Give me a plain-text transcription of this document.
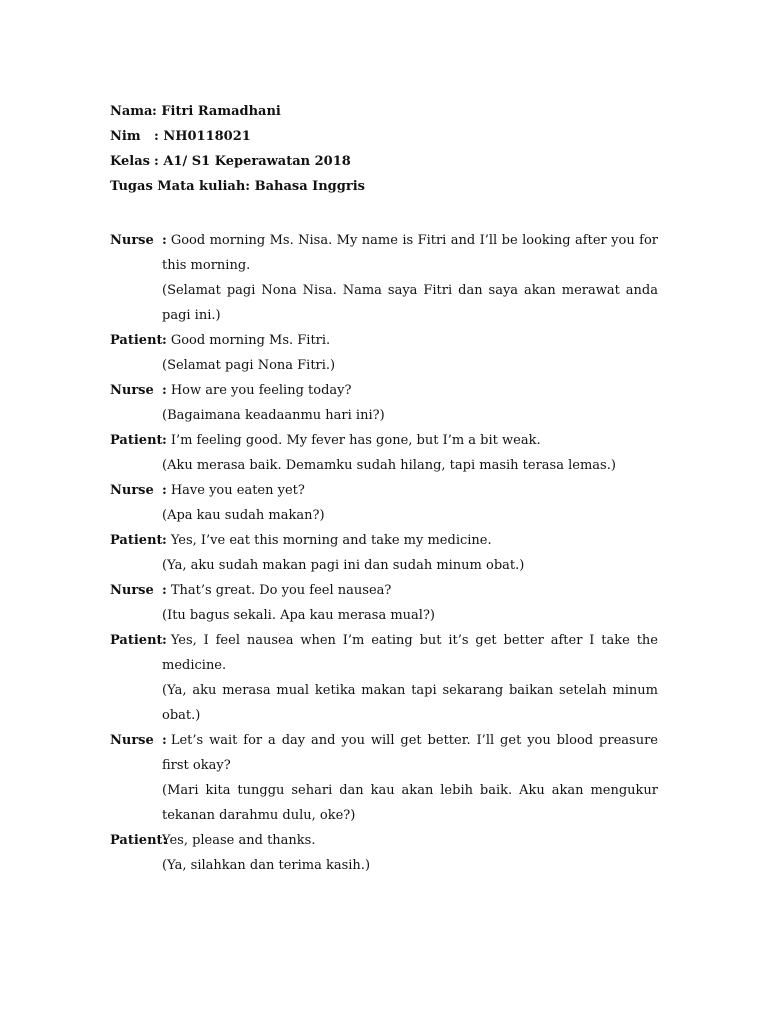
Nama: Fitri Ramadhani
Nim : NH0118021
Kelas : A1/ S1 Keperawatan 2018
Tugas Mata kuliah: Bahasa Inggris
Nurse : Good morning Ms. Nisa. My name is Fitri and I’ll be looking after you for this morning.
(Selamat pagi Nona Nisa. Nama saya Fitri dan saya akan merawat anda pagi ini.)
Patient : Good morning Ms. Fitri.
(Selamat pagi Nona Fitri.)
Nurse : How are you feeling today?
(Bagaimana keadaanmu hari ini?)
Patient : I’m feeling good. My fever has gone, but I’m a bit weak.
(Aku merasa baik. Demamku sudah hilang, tapi masih terasa lemas.)
Nurse : Have you eaten yet?
(Apa kau sudah makan?)
Patient : Yes, I’ve eat this morning and take my medicine.
(Ya, aku sudah makan pagi ini dan sudah minum obat.)
Nurse : That’s great. Do you feel nausea?
(Itu bagus sekali. Apa kau merasa mual?)
Patient : Yes, I feel nausea when I’m eating but it’s get better after I take the medicine.
(Ya, aku merasa mual ketika makan tapi sekarang baikan setelah minum obat.)
Nurse : Let’s wait for a day and you will get better. I’ll get you blood preasure first okay?
(Mari kita tunggu sehari dan kau akan lebih baik. Aku akan mengukur tekanan darahmu dulu, oke?)
Patient:
Yes, please and thanks.
(Ya, silahkan dan terima kasih.)
